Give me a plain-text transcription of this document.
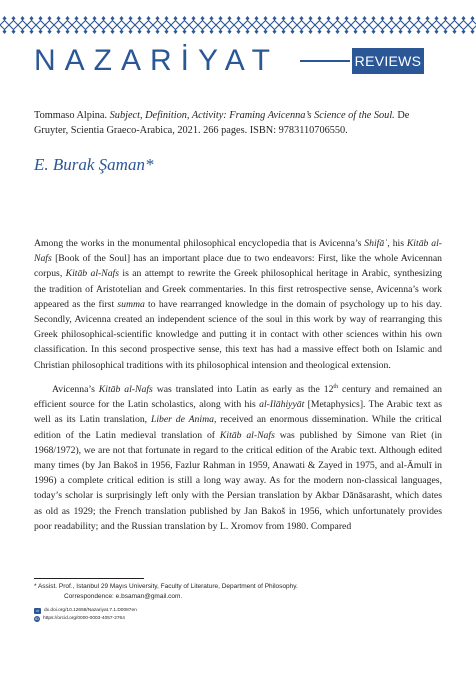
NAZARİYAT	REVIEWS
Tommaso Alpina. Subject, Definition, Activity: Framing Avicenna’s Science of the Soul. De Gruyter, Scientia Graeco-Arabica, 2021. 266 pages. ISBN: 9783110706550.
E. Burak Şaman*

Among the works in the monumental philosophical encyclopedia that is Avicenna’s Shifāʾ, his Kitāb al-Nafs [Book of the Soul] has an important place due to two endeavors: First, like the whole Avicennan corpus, Kitāb al-Nafs is an attempt to rewrite the Greek philosophical heritage in Arabic, synthesizing the tradition of Aristotelian and Greek commentaries. In this first retrospective sense, Avicenna’s work appeared as the first summa to have rearranged knowledge in the domain of psychology up to his day. Secondly, Avicenna created an independent science of the soul in this work by way of rearranging this Greek philosophical-scientific knowledge and putting it in contact with other sciences within his own classification. In this second prospective sense, this text has had a massive effect both on Islamic and Christian philosophical traditions with its philosophical intension and theological extension.

Avicenna’s Kitāb al-Nafs was translated into Latin as early as the 12th century and remained an efficient source for the Latin scholastics, along with his al-Ilāhiyyāt [Metaphysics]. The Arabic text as well as its Latin translation, Liber de Anima, received an enormous dissemination. While the critical edition of the Latin medieval translation of Kitāb al-Nafs was published by Simone van Riet (in 1968/1972), we are not that fortunate in regard to the critical edition of the Arabic text. Although edited many times (by Jan Bakoš in 1956, Fazlur Rahman in 1959, Anawati & Zayed in 1975, and al-Āmulī in 1996) a complete critical edition is still a long way away. As for the modern non-classical languages, today’s scholar is surprisingly left only with the Persian translation by Akbar Dānāsarasht, which dates as old as 1929; the French translation published by Jan Bakoš in 1956, which unfortunately provides poor readability; and the Russian translation by L. Xromov from 1980. Compared

* Assist. Prof., Istanbul 29 Mayıs University, Faculty of Literature, Department of Philosophy.
Correspondence: e.bsaman@gmail.com.
d	dx.doi.org/10.12658/Nazariyat.7.1.D0087en
iD https://orcid.org/0000-0003-4057-2764
